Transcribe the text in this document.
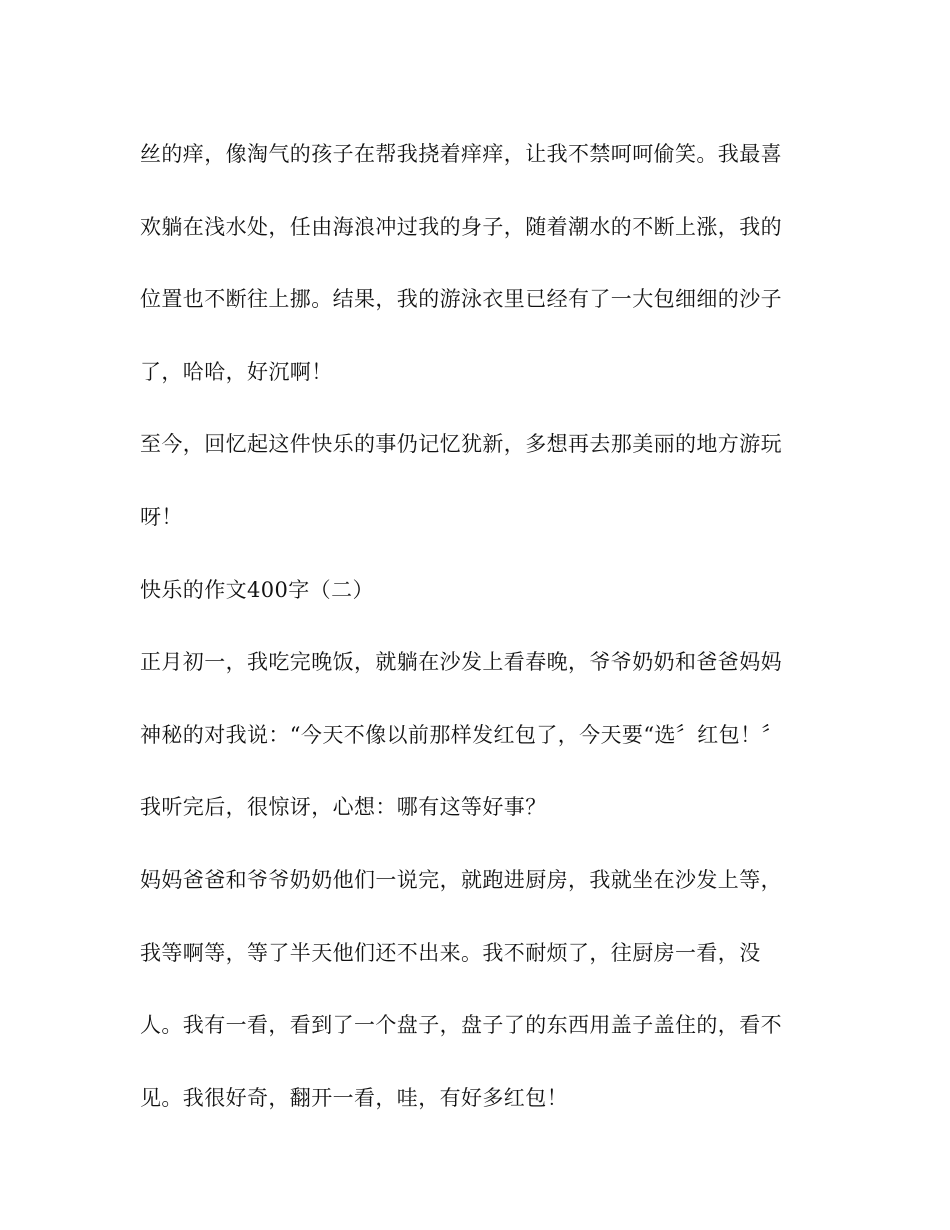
丝的痒，像淘气的孩子在帮我挠着痒痒，让我不禁呵呵偷笑。我最喜

欢躺在浅水处，任由海浪冲过我的身子，随着潮水的不断上涨，我的

位置也不断往上挪。结果，我的游泳衣里已经有了一大包细细的沙子

了，哈哈，好沉啊！

至今，回忆起这件快乐的事仍记忆犹新，多想再去那美丽的地方游玩

呀！

快乐的作文400字（二）

正月初一，我吃完晚饭，就躺在沙发上看春晚，爷爷奶奶和爸爸妈妈

神秘的对我说：“今天不像以前那样发红包了，今天要“选〞红包！〞

我听完后，很惊讶，心想：哪有这等好事？

妈妈爸爸和爷爷奶奶他们一说完，就跑进厨房，我就坐在沙发上等，

我等啊等，等了半天他们还不出来。我不耐烦了，往厨房一看，没

人。我有一看，看到了一个盘子，盘子了的东西用盖子盖住的，看不

见。我很好奇，翻开一看，哇，有好多红包！
